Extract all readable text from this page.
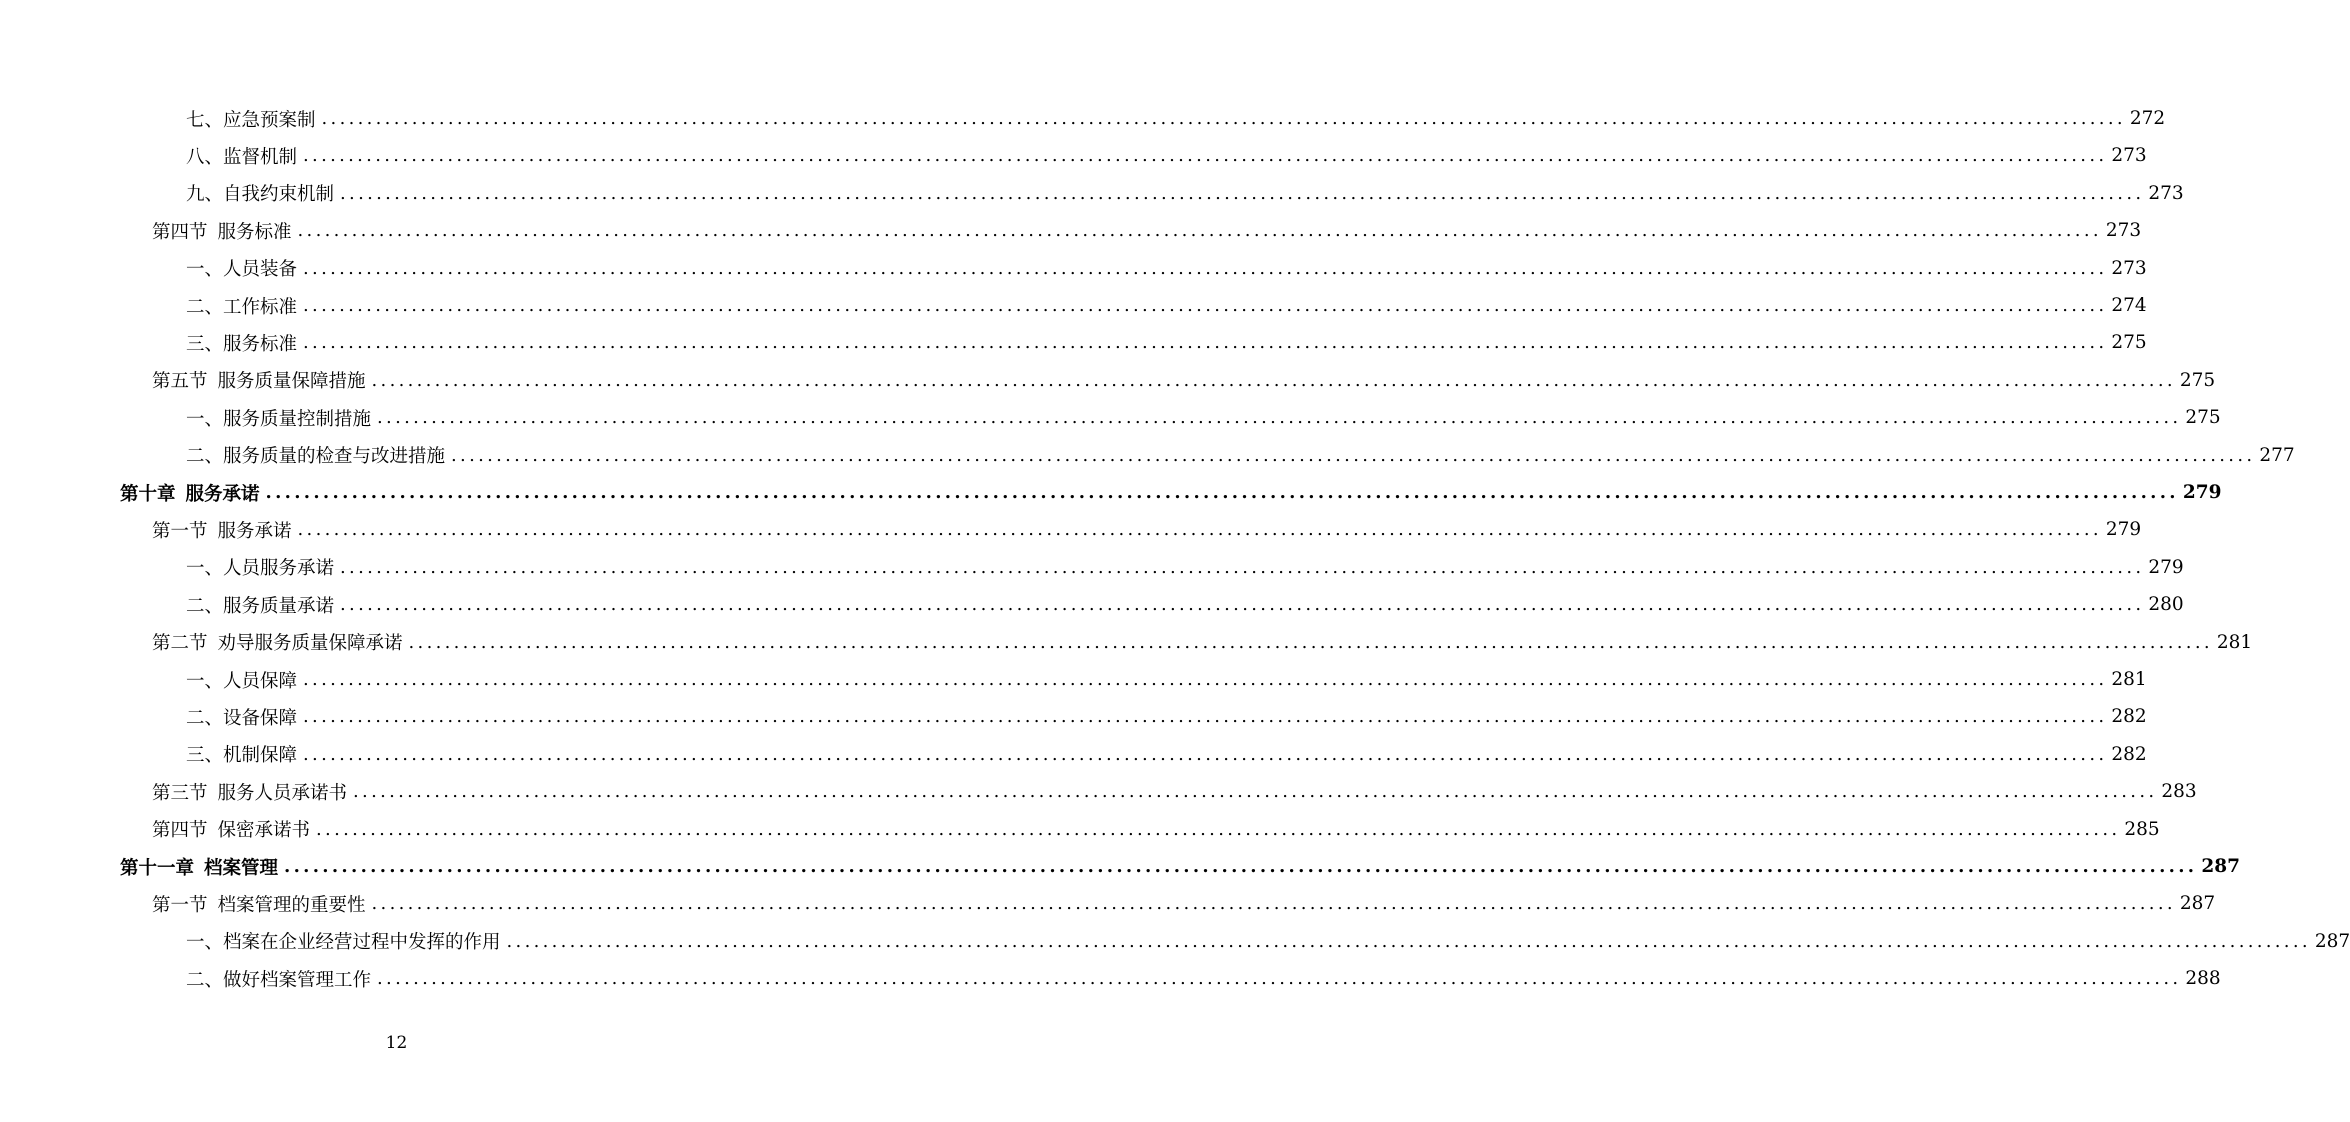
七、应急预案制 ........................................................................................................................................................................................................ 272
八、监督机制 ........................................................................................................................................................................................................ 273
九、自我约束机制 ........................................................................................................................................................................................................ 273
第四节 服务标准 ........................................................................................................................................................................................................ 273
一、人员装备 ........................................................................................................................................................................................................ 273
二、工作标准 ........................................................................................................................................................................................................ 274
三、服务标准 ........................................................................................................................................................................................................ 275
第五节 服务质量保障措施 ........................................................................................................................................................................................................ 275
一、服务质量控制措施 ........................................................................................................................................................................................................ 275
二、服务质量的检查与改进措施 ........................................................................................................................................................................................................ 277
第十章 服务承诺 ........................................................................................................................................................................................................ 279
第一节 服务承诺 ........................................................................................................................................................................................................ 279
一、人员服务承诺 ........................................................................................................................................................................................................ 279
二、服务质量承诺 ........................................................................................................................................................................................................ 280
第二节 劝导服务质量保障承诺 ........................................................................................................................................................................................................ 281
一、人员保障 ........................................................................................................................................................................................................ 281
二、设备保障 ........................................................................................................................................................................................................ 282
三、机制保障 ........................................................................................................................................................................................................ 282
第三节 服务人员承诺书 ........................................................................................................................................................................................................ 283
第四节 保密承诺书 ........................................................................................................................................................................................................ 285
第十一章 档案管理 ........................................................................................................................................................................................................ 287
第一节 档案管理的重要性 ........................................................................................................................................................................................................ 287
一、档案在企业经营过程中发挥的作用 ........................................................................................................................................................................................................ 287
二、做好档案管理工作 ........................................................................................................................................................................................................ 288
12
